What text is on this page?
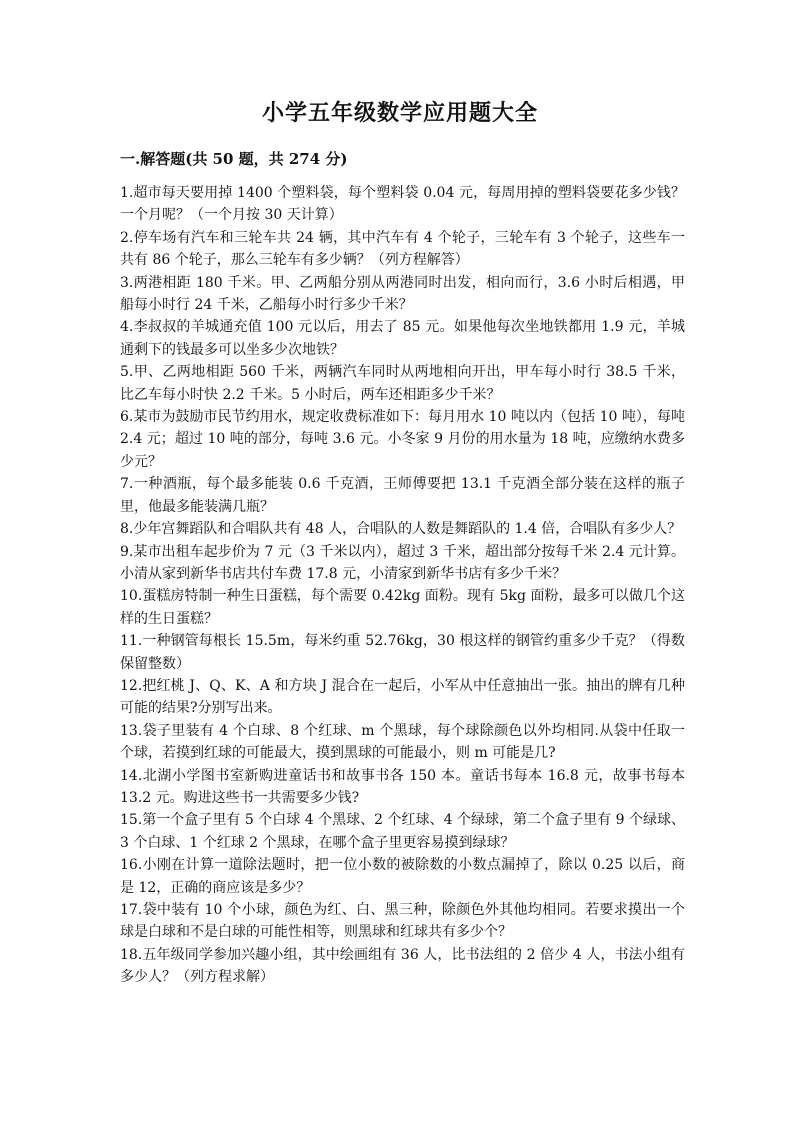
小学五年级数学应用题大全
一.解答题(共 50 题，共 274 分)
1.超市每天要用掉 1400 个塑料袋，每个塑料袋 0.04 元，每周用掉的塑料袋要花多少钱？一个月呢？（一个月按 30 天计算）
2.停车场有汽车和三轮车共 24 辆，其中汽车有 4 个轮子，三轮车有 3 个轮子，这些车一共有 86 个轮子，那么三轮车有多少辆？（列方程解答）
3.两港相距 180 千米。甲、乙两船分别从两港同时出发，相向而行，3.6 小时后相遇，甲船每小时行 24 千米，乙船每小时行多少千米？
4.李叔叔的羊城通充值 100 元以后，用去了 85 元。如果他每次坐地铁都用 1.9 元，羊城通剩下的钱最多可以坐多少次地铁？
5.甲、乙两地相距 560 千米，两辆汽车同时从两地相向开出，甲车每小时行 38.5 千米，比乙车每小时快 2.2 千米。5 小时后，两车还相距多少千米？
6.某市为鼓励市民节约用水，规定收费标准如下：每月用水 10 吨以内（包括 10 吨），每吨 2.4 元；超过 10 吨的部分，每吨 3.6 元。小冬家 9 月份的用水量为 18 吨，应缴纳水费多少元？
7.一种酒瓶，每个最多能装 0.6 千克酒，王师傅要把 13.1 千克酒全部分装在这样的瓶子里，他最多能装满几瓶？
8.少年宫舞蹈队和合唱队共有 48 人，合唱队的人数是舞蹈队的 1.4 倍，合唱队有多少人？
9.某市出租车起步价为 7 元（3 千米以内），超过 3 千米，超出部分按每千米 2.4 元计算。小清从家到新华书店共付车费 17.8 元，小清家到新华书店有多少千米？
10.蛋糕房特制一种生日蛋糕，每个需要 0.42kg 面粉。现有 5kg 面粉，最多可以做几个这样的生日蛋糕？
11.一种钢管每根长 15.5m，每米约重 52.76kg，30 根这样的钢管约重多少千克？（得数保留整数）
12.把红桃 J、Q、K、A 和方块 J 混合在一起后，小军从中任意抽出一张。抽出的牌有几种可能的结果?分别写出来。
13.袋子里装有 4 个白球、8 个红球、m 个黑球，每个球除颜色以外均相同.从袋中任取一个球，若摸到红球的可能最大，摸到黑球的可能最小，则 m 可能是几?
14.北湖小学图书室新购进童话书和故事书各 150 本。童话书每本 16.8 元，故事书每本 13.2 元。购进这些书一共需要多少钱?
15.第一个盒子里有 5 个白球 4 个黑球、2 个红球、4 个绿球，第二个盒子里有 9 个绿球、3 个白球、1 个红球 2 个黑球，在哪个盒子里更容易摸到绿球？
16.小刚在计算一道除法题时，把一位小数的被除数的小数点漏掉了，除以 0.25 以后，商是 12，正确的商应该是多少？
17.袋中装有 10 个小球，颜色为红、白、黑三种，除颜色外其他均相同。若要求摸出一个球是白球和不是白球的可能性相等，则黑球和红球共有多少个？
18.五年级同学参加兴趣小组，其中绘画组有 36 人，比书法组的 2 倍少 4 人，书法小组有多少人？（列方程求解）
